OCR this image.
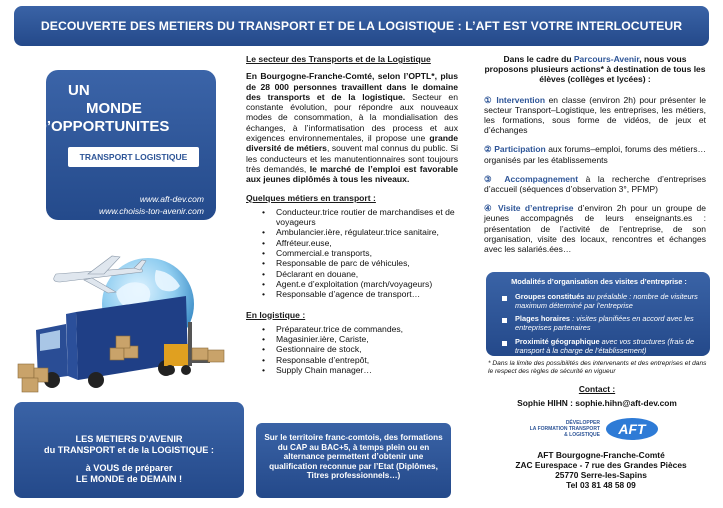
DECOUVERTE DES METIERS DU TRANSPORT ET DE LA LOGISTIQUE : L’AFT EST VOTRE INTERLOCUTEUR
UN
MONDE
D’OPPORTUNITES
TRANSPORT LOGISTIQUE
www.aft-dev.com
www.choisis-ton-avenir.com
LES METIERS D’AVENIR
du TRANSPORT et de la LOGISTIQUE :
à VOUS de préparer
LE MONDE de DEMAIN !
Le secteur des Transports et de la Logistique

En Bourgogne-Franche-Comté, selon l’OPTL*, plus de 28 000 personnes travaillent dans le domaine des transports et de la logistique. Secteur en constante évolution, pour répondre aux nouveaux modes de consommation, à la mondialisation des échanges, à l’informatisation des process et aux exigences environnementales, il propose une grande diversité de métiers, souvent mal connus du public. Si les conducteurs et les manutentionnaires sont toujours très demandés, le marché de l’emploi est favorable aux jeunes diplômés à tous les niveaux.

Quelques métiers en transport :
• Conducteur.trice routier de marchandises et de voyageurs
• Ambulancier.ière, régulateur.trice sanitaire,
• Affréteur.euse,
• Commercial.e transports,
• Responsable de parc de véhicules,
• Déclarant en douane,
• Agent.e d’exploitation (march/voyageurs)
• Responsable d’agence de transport…
En logistique :
• Préparateur.trice de commandes,
• Magasinier.ière, Cariste,
• Gestionnaire de stock,
• Responsable d’entrepôt,
• Supply Chain manager…
Sur le territoire franc-comtois, des formations du CAP au BAC+5, à temps plein ou en alternance permettent d’obtenir une qualification reconnue par l’Etat (Diplômes, Titres professionnels…)

Dans le cadre du Parcours-Avenir, nous vous proposons plusieurs actions* à destination de tous les élèves (collèges et lycées) :

① Intervention en classe (environ 2h) pour présenter le secteur Transport–Logistique, les entreprises, les métiers, les formations, sous forme de vidéos, de jeux et d’échanges

② Participation aux forums–emploi, forums des métiers… organisés par les établissements

③ Accompagnement à la recherche d’entreprises d’accueil (séquences d’observation 3°, PFMP)

④ Visite d’entreprise d’environ 2h pour un groupe de jeunes accompagnés de leurs enseignants.es : présentation de l’activité de l’entreprise, de son organisation, visite des locaux, rencontres et échanges avec les salariés.ées…

Modalités d’organisation des visites d’entreprise :
Groupes constitués au préalable : nombre de visiteurs maximum déterminé par l’entreprise
Plages horaires : visites planifiées en accord avec les entreprises partenaires
Proximité géographique avec vos structures (frais de transport à la charge de l’établissement)
* Dans la limite des possibilités des intervenants et des entreprises et dans le respect des règles de sécurité en vigueur
Contact :
Sophie HIHN : sophie.hihn@aft-dev.com
DÉVELOPPER
LA FORMATION TRANSPORT
& LOGISTIQUE AFT
AFT Bourgogne-Franche-Comté
ZAC Eurespace - 7 rue des Grandes Pièces
25770 Serre-les-Sapins
Tel 03 81 48 58 09
